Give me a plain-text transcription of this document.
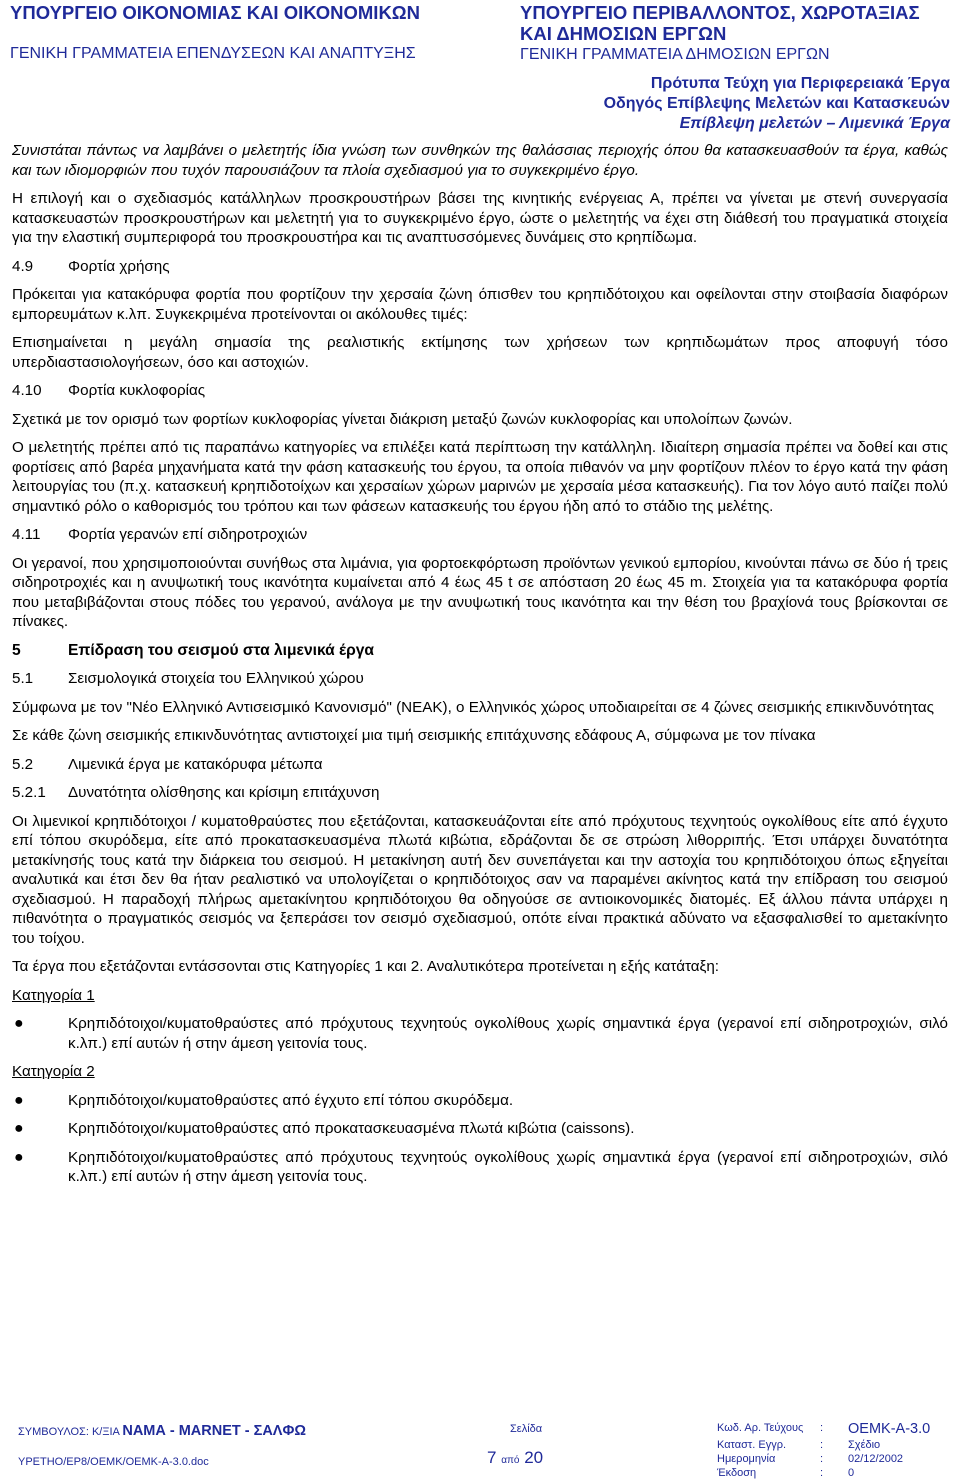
ΥΠΟΥΡΓΕΙΟ ΟΙΚΟΝΟΜΙΑΣ ΚΑΙ ΟΙΚΟΝΟΜΙΚΩΝ
ΓΕΝΙΚΗ ΓΡΑΜΜΑΤΕΙΑ ΕΠΕΝΔΥΣΕΩΝ ΚΑΙ ΑΝΑΠΤΥΞΗΣ
ΥΠΟΥΡΓΕΙΟ ΠΕΡΙΒΑΛΛΟΝΤΟΣ, ΧΩΡΟΤΑΞΙΑΣ
ΚΑΙ ΔΗΜΟΣΙΩΝ ΕΡΓΩΝ
ΓΕΝΙΚΗ ΓΡΑΜΜΑΤΕΙΑ ΔΗΜΟΣΙΩΝ ΕΡΓΩΝ
Πρότυπα Τεύχη για Περιφερειακά Έργα
Οδηγός Επίβλεψης Μελετών και Κατασκευών
Επίβλεψη μελετών – Λιμενικά Έργα

Συνιστάται πάντως να λαμβάνει ο μελετητής ίδια γνώση των συνθηκών της θαλάσσιας περιοχής όπου θα κατασκευασθούν τα έργα, καθώς και των ιδιομορφιών που τυχόν παρουσιάζουν τα πλοία σχεδιασμού για το συγκεκριμένο έργο.

Η επιλογή και ο σχεδιασμός κατάλληλων προσκρουστήρων βάσει της κινητικής ενέργειας Α, πρέπει να γίνεται με στενή συνεργασία κατασκευαστών προσκρουστήρων και μελετητή για το συγκεκριμένο έργο, ώστε ο μελετητής να έχει στη διάθεσή του πραγματικά στοιχεία για την ελαστική συμπεριφορά του προσκρουστήρα και τις αναπτυσσόμενες δυνάμεις στο κρηπίδωμα.

4.9 Φορτία χρήσης

Πρόκειται για κατακόρυφα φορτία που φορτίζουν την χερσαία ζώνη όπισθεν του κρηπιδότοιχου και οφείλονται στην στοιβασία διαφόρων εμπορευμάτων κ.λπ. Συγκεκριμένα προτείνονται οι ακόλουθες τιμές:

Επισημαίνεται η μεγάλη σημασία της ρεαλιστικής εκτίμησης των χρήσεων των κρηπιδωμάτων προς αποφυγή τόσο υπερδιαστασιολογήσεων, όσο και αστοχιών.

4.10 Φορτία κυκλοφορίας

Σχετικά με τον ορισμό των φορτίων κυκλοφορίας γίνεται διάκριση μεταξύ ζωνών κυκλοφορίας και υπολοίπων ζωνών.

Ο μελετητής πρέπει από τις παραπάνω κατηγορίες να επιλέξει κατά περίπτωση την κατάλληλη. Ιδιαίτερη σημασία πρέπει να δοθεί και στις φορτίσεις από βαρέα μηχανήματα κατά την φάση κατασκευής του έργου, τα οποία πιθανόν να μην φορτίζουν πλέον το έργο κατά την φάση λειτουργίας του (π.χ. κατασκευή κρηπιδοτοίχων και χερσαίων χώρων μαρινών με χερσαία μέσα κατασκευής). Για τον λόγο αυτό παίζει πολύ σημαντικό ρόλο ο καθορισμός του τρόπου και των φάσεων κατασκευής του έργου ήδη από το στάδιο της μελέτης.

4.11 Φορτία γερανών επί σιδηροτροχιών

Οι γερανοί, που χρησιμοποιούνται συνήθως στα λιμάνια, για φορτοεκφόρτωση προϊόντων γενικού εμπορίου, κινούνται πάνω σε δύο ή τρεις σιδηροτροχιές και η ανυψωτική τους ικανότητα κυμαίνεται από 4 έως 45 t σε απόσταση 20 έως 45 m. Στοιχεία για τα κατακόρυφα φορτία που μεταβιβάζονται στους πόδες του γερανού, ανάλογα με την ανυψωτική τους ικανότητα και την θέση του βραχίονά τους βρίσκονται σε πίνακες.

5	Επίδραση του σεισμού στα λιμενικά έργα
5.1 Σεισμολογικά στοιχεία του Ελληνικού χώρου

Σύμφωνα με τον "Νέο Ελληνικό Αντισεισμικό Κανονισμό" (ΝΕΑΚ), ο Ελληνικός χώρος υποδιαιρείται σε 4 ζώνες σεισμικής επικινδυνότητας

Σε κάθε ζώνη σεισμικής επικινδυνότητας αντιστοιχεί μια τιμή σεισμικής επιτάχυνσης εδάφους Α, σύμφωνα με τον πίνακα

5.2 Λιμενικά έργα με κατακόρυφα μέτωπα
5.2.1 Δυνατότητα ολίσθησης και κρίσιμη επιτάχυνση

Οι λιμενικοί κρηπιδότοιχοι / κυματοθραύστες που εξετάζονται, κατασκευάζονται είτε από πρόχυτους τεχνητούς ογκολίθους είτε από έγχυτο επί τόπου σκυρόδεμα, είτε από προκατασκευασμένα πλωτά κιβώτια, εδράζονται δε σε στρώση λιθορριπής. Έτσι υπάρχει δυνατότητα μετακίνησής τους κατά την διάρκεια του σεισμού. Η μετακίνηση αυτή δεν συνεπάγεται και την αστοχία του κρηπιδότοιχου όπως εξηγείται αναλυτικά και έτσι δεν θα ήταν ρεαλιστικό να υπολογίζεται ο κρηπιδότοιχος σαν να παραμένει ακίνητος κατά την επίδραση του σεισμού σχεδιασμού. Η παραδοχή πλήρως αμετακίνητου κρηπιδότοιχου θα οδηγούσε σε αντιοικονομικές διατομές. Εξ άλλου πάντα υπάρχει η πιθανότητα ο πραγματικός σεισμός να ξεπεράσει τον σεισμό σχεδιασμού, οπότε είναι πρακτικά αδύνατο να εξασφαλισθεί το αμετακίνητο του τοίχου.

Τα έργα που εξετάζονται εντάσσονται στις Κατηγορίες 1 και 2. Αναλυτικότερα προτείνεται η εξής κατάταξη:

Κατηγορία 1
●	Κρηπιδότοιχοι/κυματοθραύστες από πρόχυτους τεχνητούς ογκολίθους χωρίς σημαντικά έργα (γερανοί επί σιδηροτροχιών, σιλό κ.λπ.) επί αυτών ή στην άμεση γειτονία τους.
Κατηγορία 2
●	Κρηπιδότοιχοι/κυματοθραύστες από έγχυτο επί τόπου σκυρόδεμα.
●	Κρηπιδότοιχοι/κυματοθραύστες από προκατασκευασμένα πλωτά κιβώτια (caissons).
●	Κρηπιδότοιχοι/κυματοθραύστες από πρόχυτους τεχνητούς ογκολίθους χωρίς σημαντικά έργα (γερανοί επί σιδηροτροχιών, σιλό κ.λπ.) επί αυτών ή στην άμεση γειτονία τους.
ΣΥΜΒΟΥΛΟΣ: Κ/ΞΙΑ ΝΑΜΑ - ΜΑRΝΕΤ - ΣΑΛΦΩ
ΥΡΕΤΗΟ/ΕΡ8/ΟΕΜΚ/ΟΕΜΚ-Α-3.0.doc
Σελίδα
7 από 20
Κωδ. Αρ. Τεύχους : ΟΕΜΚ-Α-3.0
Καταστ. Εγγρ.	: Σχέδιο
Ημερομηνία	: 02/12/2002
Έκδοση	: 0
